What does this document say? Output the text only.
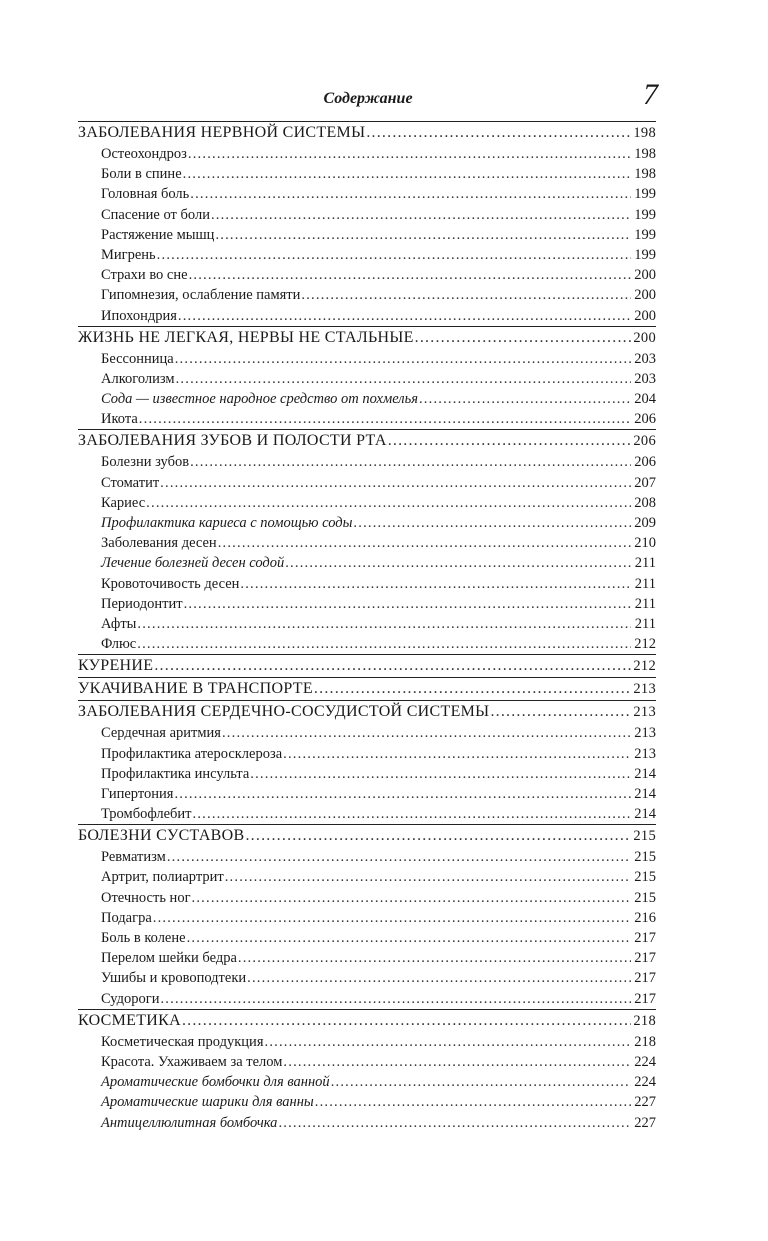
Содержание	7
ЗАБОЛЕВАНИЯ НЕРВНОЙ СИСТЕМЫ .....	198
Остеохондроз .....	198
Боли в спине .....	198
Головная боль .....	199
Спасение от боли .....	199
Растяжение мышц .....	199
Мигрень .....	199
Страхи во сне .....	200
Гипомнезия, ослабление памяти .....	200
Ипохондрия .....	200
ЖИЗНЬ НЕ ЛЕГКАЯ, НЕРВЫ НЕ СТАЛЬНЫЕ .....	200
Бессонница .....	203
Алкоголизм .....	203
Сода — известное народное средство от похмелья .....	204
Икота .....	206
ЗАБОЛЕВАНИЯ ЗУБОВ И ПОЛОСТИ РТА .....	206
Болезни зубов .....	206
Стоматит .....	207
Кариес .....	208
Профилактика кариеса с помощью соды .....	209
Заболевания десен .....	210
Лечение болезней десен содой .....	211
Кровоточивость десен .....	211
Периодонтит .....	211
Афты .....	211
Флюс .....	212
КУРЕНИЕ .....	212
УКАЧИВАНИЕ В ТРАНСПОРТЕ .....	213
ЗАБОЛЕВАНИЯ СЕРДЕЧНО-СОСУДИСТОЙ СИСТЕМЫ .....	213
Сердечная аритмия .....	213
Профилактика атеросклероза .....	213
Профилактика инсульта .....	214
Гипертония .....	214
Тромбофлебит .....	214
БОЛЕЗНИ СУСТАВОВ .....	215
Ревматизм .....	215
Артрит, полиартрит .....	215
Отечность ног .....	215
Подагра .....	216
Боль в колене .....	217
Перелом шейки бедра .....	217
Ушибы и кровоподтеки .....	217
Судороги .....	217
КОСМЕТИКА .....	218
Косметическая продукция .....	218
Красота. Ухаживаем за телом .....	224
Ароматические бомбочки для ванной .....	224
Ароматические шарики для ванны .....	227
Антицеллюлитная бомбочка .....	227
